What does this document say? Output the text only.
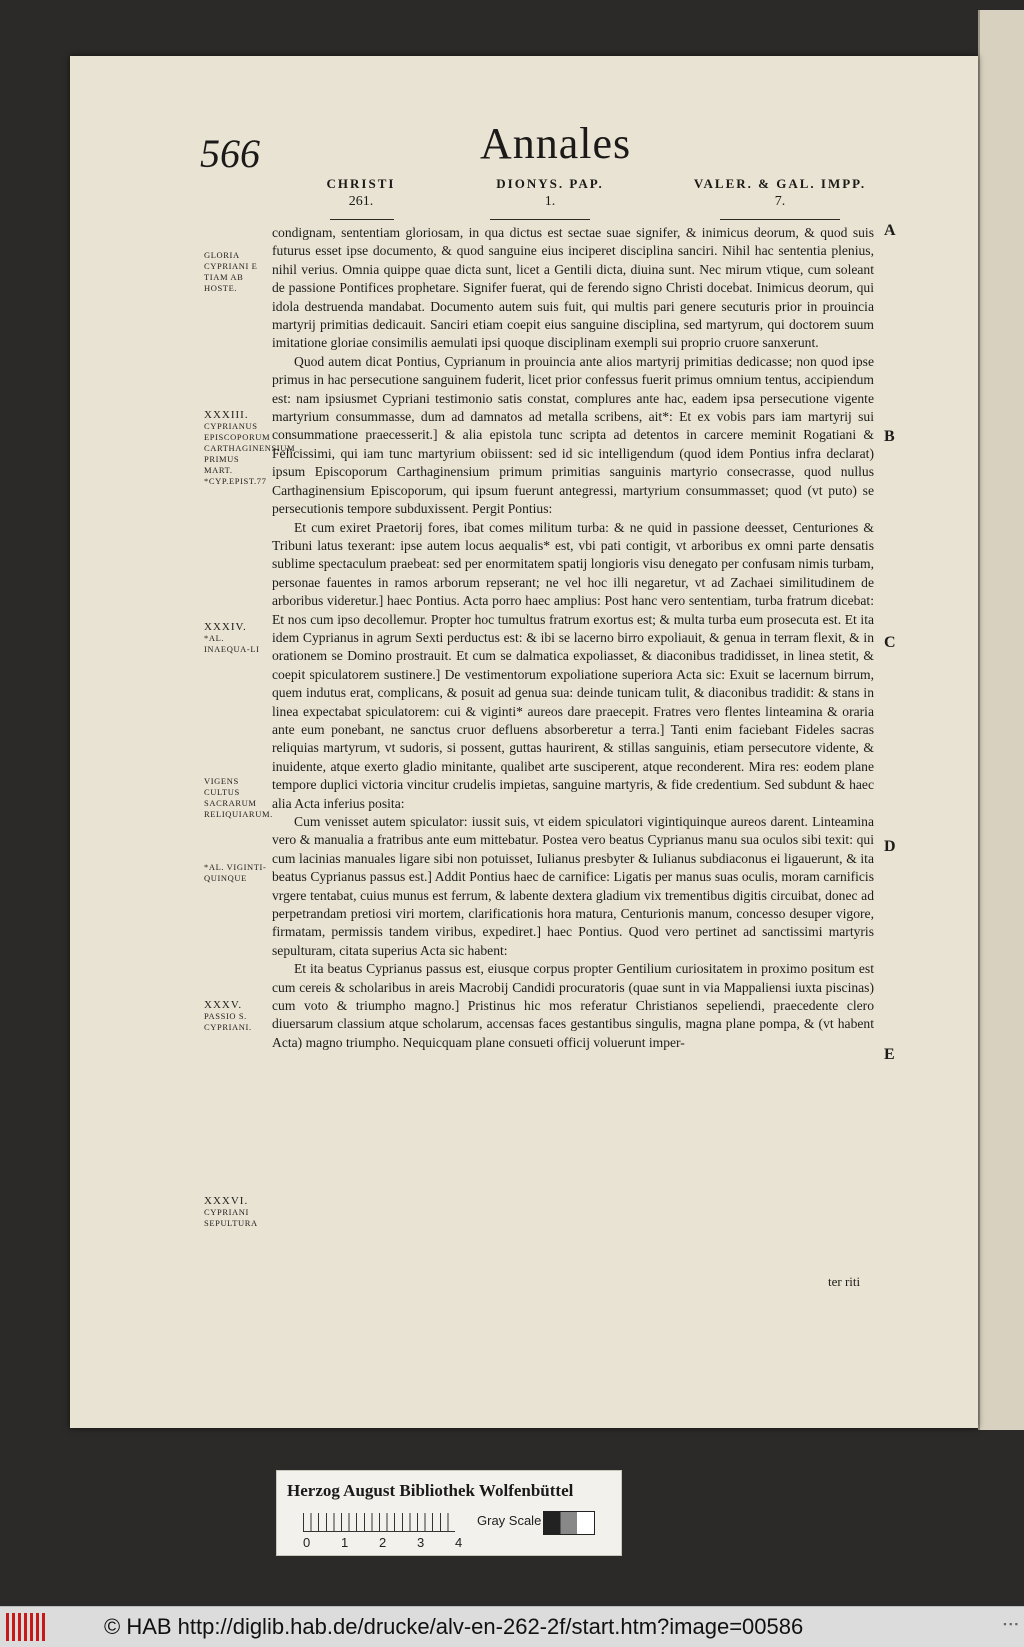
566	Annales
CHRISTI
261.
DIONYS. PAP.
1.
VALER. & GAL. IMPP.
7.
GLORIA CYPRIANI E TIAM AB HOSTE.
XXXIII.
CYPRIANUS EPISCOPORUM CARTHAGINENSIUM PRIMUS MART. *CYP.EPIST.77
XXXIV.
*AL. INAEQUA-LI
VIGENS CULTUS SACRARUM RELIQUIARUM.
*AL. VIGINTI-QUINQUE
XXXV.
PASSIO S. CYPRIANI.
XXXVI.
CYPRIANI SEPULTURA
A
B
C
D
E

condignam, sententiam gloriosam, in qua dictus est sectae suae signifer, & inimicus deorum, & quod suis futurus esset ipse documento, & quod sanguine eius inciperet disciplina sanciri. Nihil hac sententia plenius, nihil verius. Omnia quippe quae dicta sunt, licet a Gentili dicta, diuina sunt. Nec mirum vtique, cum soleant de passione Pontifices prophetare. Signifer fuerat, qui de ferendo signo Christi docebat. Inimicus deorum, qui idola destruenda mandabat. Documento autem suis fuit, qui multis pari genere secuturis prior in prouincia martyrij primitias dedicauit. Sanciri etiam coepit eius sanguine disciplina, sed martyrum, qui doctorem suum imitatione gloriae consimilis aemulati ipsi quoque disciplinam exempli sui proprio cruore sanxerunt.

Quod autem dicat Pontius, Cyprianum in prouincia ante alios martyrij primitias dedicasse; non quod ipse primus in hac persecutione sanguinem fuderit, licet prior confessus fuerit primus omnium tentus, accipiendum est: nam ipsiusmet Cypriani testimonio satis constat, complures ante hac, eadem ipsa persecutione vigente martyrium consummasse, dum ad damnatos ad metalla scribens, ait*: Et ex vobis pars iam martyrij sui consummatione praecesserit.] & alia epistola tunc scripta ad detentos in carcere meminit Rogatiani & Felicissimi, qui iam tunc martyrium obiissent: sed id sic intelligendum (quod idem Pontius infra declarat) ipsum Episcoporum Carthaginensium primum primitias sanguinis martyrio consecrasse, quod nullus Carthaginensium Episcoporum, qui ipsum fuerunt antegressi, martyrium consummasset; quod (vt puto) se persecutionis tempore subduxissent. Pergit Pontius:

Et cum exiret Praetorij fores, ibat comes militum turba: & ne quid in passione deesset, Centuriones & Tribuni latus texerant: ipse autem locus aequalis* est, vbi pati contigit, vt arboribus ex omni parte densatis sublime spectaculum praebeat: sed per enormitatem spatij longioris visu denegato per confusam nimis turbam, personae fauentes in ramos arborum repserant; ne vel hoc illi negaretur, vt ad Zachaei similitudinem de arboribus videretur.] haec Pontius. Acta porro haec amplius: Post hanc vero sententiam, turba fratrum dicebat: Et nos cum ipso decollemur. Propter hoc tumultus fratrum exortus est; & multa turba eum prosecuta est. Et ita idem Cyprianus in agrum Sexti perductus est: & ibi se lacerno birro expoliauit, & genua in terram flexit, & in orationem se Domino prostrauit. Et cum se dalmatica expoliasset, & diaconibus tradidisset, in linea stetit, & coepit spiculatorem sustinere.] De vestimentorum expoliatione superiora Acta sic: Exuit se lacernum birrum, quem indutus erat, complicans, & posuit ad genua sua: deinde tunicam tulit, & diaconibus tradidit: & stans in linea expectabat spiculatorem: cui & viginti* aureos dare praecepit. Fratres vero flentes linteamina & oraria ante eum ponebant, ne sanctus cruor defluens absorberetur a terra.] Tanti enim faciebant Fideles sacras reliquias martyrum, vt sudoris, si possent, guttas haurirent, & stillas sanguinis, etiam persecutore vidente, & inuidente, atque exerto gladio minitante, qualibet arte susciperent, atque reconderent. Mira res: eodem plane tempore duplici victoria vincitur crudelis impietas, sanguine martyris, & fide credentium. Sed subdunt & haec alia Acta inferius posita:

Cum venisset autem spiculator: iussit suis, vt eidem spiculatori vigintiquinque aureos darent. Linteamina vero & manualia a fratribus ante eum mittebatur. Postea vero beatus Cyprianus manu sua oculos sibi texit: qui cum lacinias manuales ligare sibi non potuisset, Iulianus presbyter & Iulianus subdiaconus ei ligauerunt, & ita beatus Cyprianus passus est.] Addit Pontius haec de carnifice: Ligatis per manus suas oculis, moram carnificis vrgere tentabat, cuius munus est ferrum, & labente dextera gladium vix trementibus digitis circuibat, donec ad perpetrandam pretiosi viri mortem, clarificationis hora matura, Centurionis manum, concesso desuper vigore, firmatam, permissis tandem viribus, expediret.] haec Pontius. Quod vero pertinet ad sanctissimi martyris sepulturam, citata superius Acta sic habent:

Et ita beatus Cyprianus passus est, eiusque corpus propter Gentilium curiositatem in proximo positum est cum cereis & scholaribus in areis Macrobij Candidi procuratoris (quae sunt in via Mappaliensi iuxta piscinas) cum voto & triumpho magno.] Pristinus hic mos referatur Christianos sepeliendi, praecedente clero diuersarum classium atque scholarum, accensas faces gestantibus singulis, magna plane pompa, & (vt habent Acta) magno triumpho. Nequicquam plane consueti officij voluerunt imper-

ter riti
Herzog August Bibliothek Wolfenbüttel
0 1 2 3 4
Gray Scale
© HAB http://diglib.hab.de/drucke/alv-en-262-2f/start.htm?image=00586	▪ ▪ ▪
